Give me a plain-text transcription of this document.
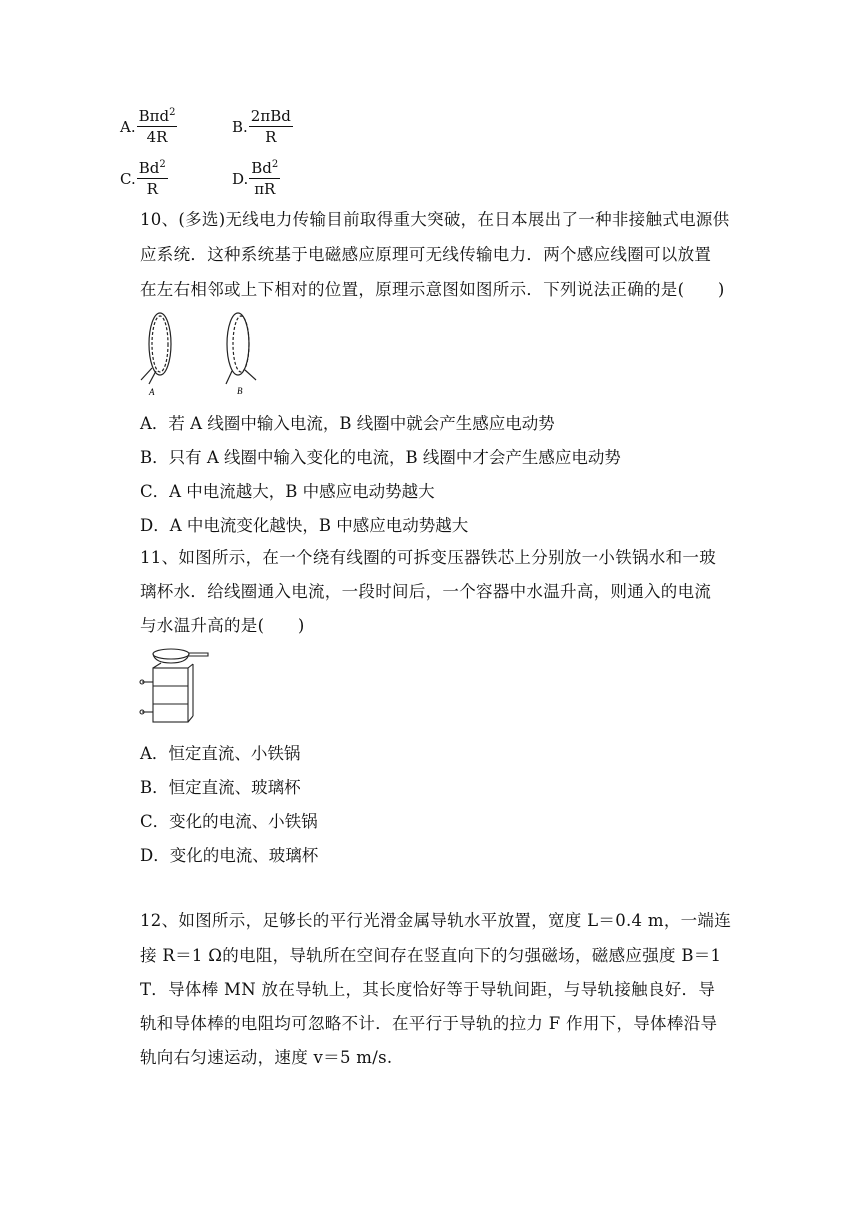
A. $\frac{B\pi d^2}{4R}$	B. $\frac{\text{2πBd}}{R}$
C. $\frac{Bd^2}{R}$	D. $\frac{Bd^2}{\pi R}$
10、(多选)无线电力传输目前取得重大突破，在日本展出了一种非接触式电源供
应系统．这种系统基于电磁感应原理可无线传输电力．两个感应线圈可以放置
在左右相邻或上下相对的位置，原理示意图如图所示．下列说法正确的是(　　)
A	B
A．若 A 线圈中输入电流，B 线圈中就会产生感应电动势
B．只有 A 线圈中输入变化的电流，B 线圈中才会产生感应电动势
C．A 中电流越大，B 中感应电动势越大
D．A 中电流变化越快，B 中感应电动势越大
11、如图所示，在一个绕有线圈的可拆变压器铁芯上分别放一小铁锅水和一玻
璃杯水．给线圈通入电流，一段时间后，一个容器中水温升高，则通入的电流
与水温升高的是(　　)
A．恒定直流、小铁锅
B．恒定直流、玻璃杯
C．变化的电流、小铁锅
D．变化的电流、玻璃杯
12、如图所示，足够长的平行光滑金属导轨水平放置，宽度 L＝0.4 m，一端连
接 R＝1 Ω的电阻，导轨所在空间存在竖直向下的匀强磁场，磁感应强度 B＝1
T．导体棒 MN 放在导轨上，其长度恰好等于导轨间距，与导轨接触良好．导
轨和导体棒的电阻均可忽略不计．在平行于导轨的拉力 F 作用下，导体棒沿导
轨向右匀速运动，速度 v＝5 m/s.
